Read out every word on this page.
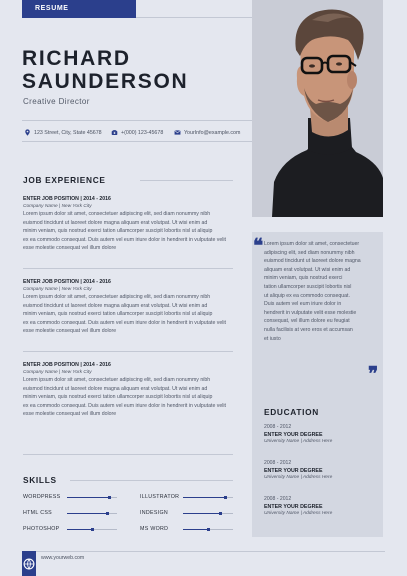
RESUME
RICHARD
SAUNDERSON
Creative Director
123 Street, City, State 45678	+(000) 123-45678	YourInfo@example.com
JOB EXPERIENCE
ENTER JOB POSITION | 2014 - 2016
Company Name | New York City
Lorem ipsum dolor sit amet, consectetuer adipiscing elit, sed diam nonummy nibh
euismod tincidunt ut laoreet dolore magna aliquam erat volutpat. Ut wisi enim ad
minim veniam, quis nostrud exerci tation ullamcorper suscipit lobortis nisl ut aliquip
ex ea commodo consequat. Duis autem vel eum iriure dolor in hendrerit in vulputate velit
esse molestie consequat vel illum dolore
ENTER JOB POSITION | 2014 - 2016
Company Name | New York City
Lorem ipsum dolor sit amet, consectetuer adipiscing elit, sed diam nonummy nibh
euismod tincidunt ut laoreet dolore magna aliquam erat volutpat. Ut wisi enim ad
minim veniam, quis nostrud exerci tation ullamcorper suscipit lobortis nisl ut aliquip
ex ea commodo consequat. Duis autem vel eum iriure dolor in hendrerit in vulputate velit
esse molestie consequat vel illum dolore
ENTER JOB POSITION | 2014 - 2016
Company Name | New York City
Lorem ipsum dolor sit amet, consectetuer adipiscing elit, sed diam nonummy nibh
euismod tincidunt ut laoreet dolore magna aliquam erat volutpat. Ut wisi enim ad
minim veniam, quis nostrud exerci tation ullamcorper suscipit lobortis nisl ut aliquip
ex ea commodo consequat. Duis autem vel eum iriure dolor in hendrerit in vulputate velit
esse molestie consequat vel illum dolore
❝ Lorem ipsum dolor sit amet, consectetuer
adipiscing elit, sed diam nonummy nibh
euismod tincidunt ut laoreet dolore magna
aliquam erat volutpat. Ut wisi enim ad
minim veniam, quis nostrud exerci
tation ullamcorper suscipit lobortis nisl
ut aliquip ex ea commodo consequat.
Duis autem vel eum iriure dolor in
hendrerit in vulputate velit esse molestie
consequat, vel illum dolore eu feugiat
nulla facilisis at vero eros et accumsan
et iusto
❞
EDUCATION
2008 - 2012
ENTER YOUR DEGREE
University Name | Address Here
2008 - 2012
ENTER YOUR DEGREE
University Name | Address Here
2008 - 2012
ENTER YOUR DEGREE
University Name | Address Here
SKILLS
WORDPRESS
HTML CSS
PHOTOSHOP
ILLUSTRATOR
INDESIGN
MS WORD
www.yourweb.com
